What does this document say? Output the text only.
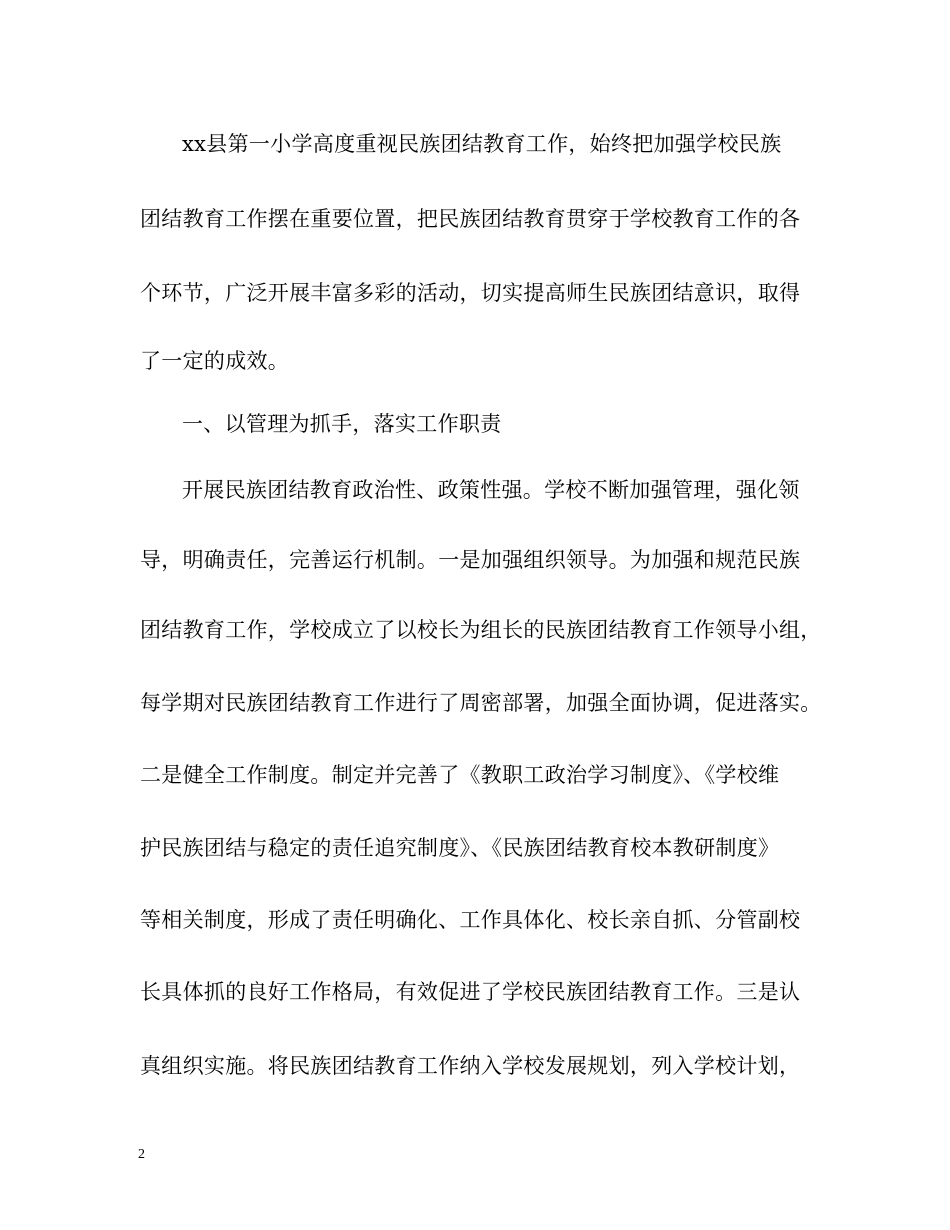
xx县第一小学高度重视民族团结教育工作，始终把加强学校民族
团结教育工作摆在重要位置，把民族团结教育贯穿于学校教育工作的各
个环节，广泛开展丰富多彩的活动，切实提高师生民族团结意识，取得
了一定的成效。
一、以管理为抓手，落实工作职责
开展民族团结教育政治性、政策性强。学校不断加强管理，强化领
导，明确责任，完善运行机制。一是加强组织领导。为加强和规范民族
团结教育工作，学校成立了以校长为组长的民族团结教育工作领导小组，
每学期对民族团结教育工作进行了周密部署，加强全面协调，促进落实。
二是健全工作制度。制定并完善了《教职工政治学习制度》、《学校维
护民族团结与稳定的责任追究制度》、《民族团结教育校本教研制度》
等相关制度，形成了责任明确化、工作具体化、校长亲自抓、分管副校
长具体抓的良好工作格局，有效促进了学校民族团结教育工作。三是认
真组织实施。将民族团结教育工作纳入学校发展规划，列入学校计划，
2
